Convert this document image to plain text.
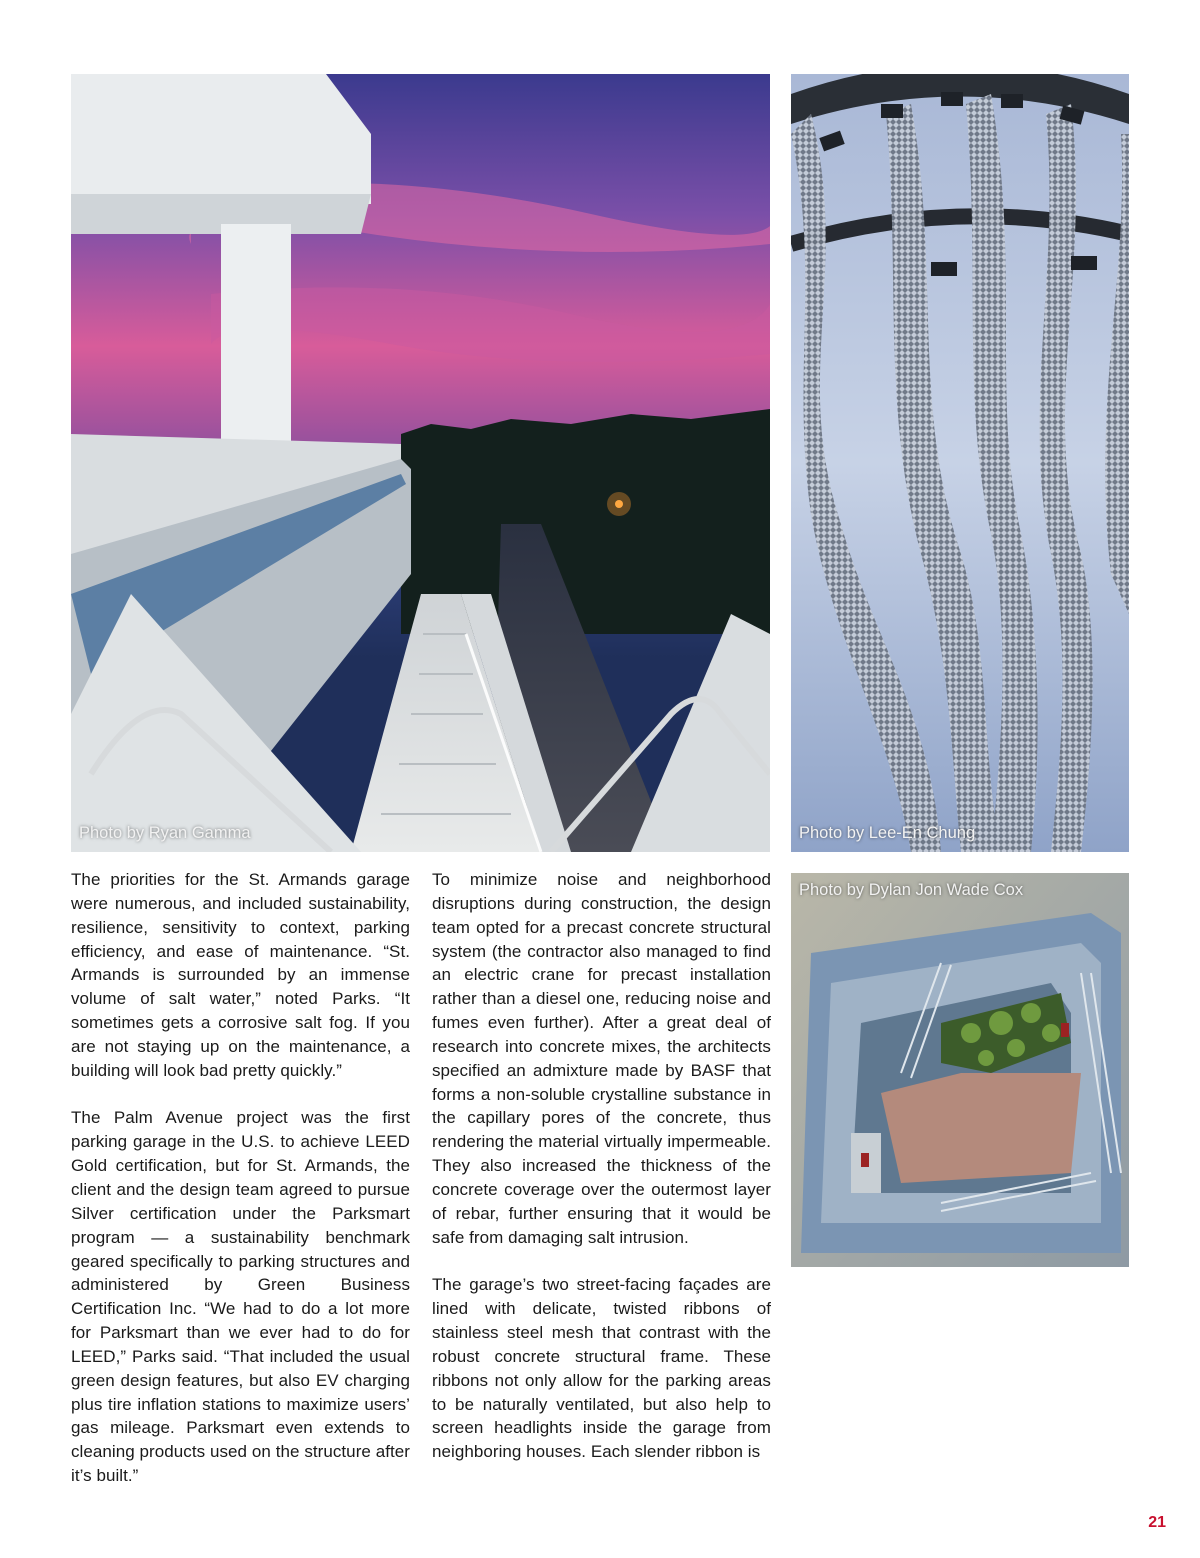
Photo by Ryan Gamma	Photo by Lee-En Chung
Photo by Dylan Jon Wade Cox

The priorities for the St. Armands garage were numerous, and included sustainability, resilience, sensitivity to context, parking efficiency, and ease of maintenance. “St. Armands is surrounded by an immense volume of salt water,” noted Parks. “It sometimes gets a corrosive salt fog. If you are not staying up on the maintenance, a building will look bad pretty quickly.”

The Palm Avenue project was the first parking garage in the U.S. to achieve LEED Gold certification, but for St. Armands, the client and the design team agreed to pursue Silver certification under the Parksmart program — a sustainability benchmark geared specifically to parking structures and administered by Green Business Certification Inc. “We had to do a lot more for Parksmart than we ever had to do for LEED,” Parks said. “That included the usual green design features, but also EV charging plus tire inflation stations to maximize users’ gas mileage. Parksmart even extends to cleaning products used on the structure after it’s built.”

To minimize noise and neighborhood disruptions during construction, the design team opted for a precast concrete structural system (the contractor also managed to find an electric crane for precast installation rather than a diesel one, reducing noise and fumes even further). After a great deal of research into concrete mixes, the architects specified an admixture made by BASF that forms a non-soluble crystalline substance in the capillary pores of the concrete, thus rendering the material virtually impermeable. They also increased the thickness of the concrete coverage over the outermost layer of rebar, further ensuring that it would be safe from damaging salt intrusion.

The garage’s two street-facing façades are lined with delicate, twisted ribbons of stainless steel mesh that contrast with the robust concrete structural frame. These ribbons not only allow for the parking areas to be naturally ventilated, but also help to screen headlights inside the garage from neighboring houses. Each slender ribbon is

21
